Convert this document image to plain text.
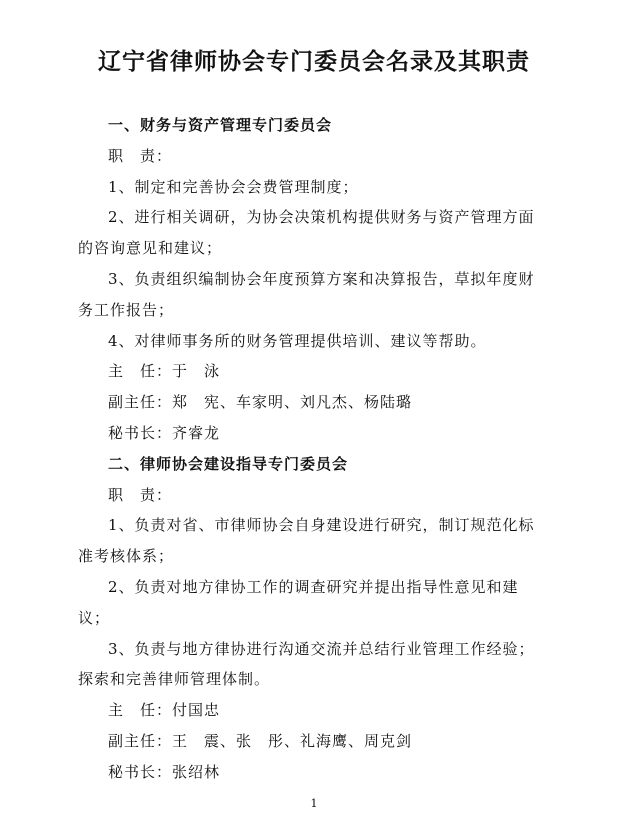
辽宁省律师协会专门委员会名录及其职责
一、财务与资产管理专门委员会
职　责：
1、制定和完善协会会费管理制度；
2、进行相关调研，为协会决策机构提供财务与资产管理方面
的咨询意见和建议；
3、负责组织编制协会年度预算方案和决算报告，草拟年度财
务工作报告；
4、对律师事务所的财务管理提供培训、建议等帮助。
主　任：于　泳
副主任：郑　宪、车家明、刘凡杰、杨陆璐
秘书长：齐睿龙
二、律师协会建设指导专门委员会
职　责：
1、负责对省、市律师协会自身建设进行研究，制订规范化标
准考核体系；
2、负责对地方律协工作的调查研究并提出指导性意见和建
议；
3、负责与地方律协进行沟通交流并总结行业管理工作经验；
探索和完善律师管理体制。
主　任：付国忠
副主任：王　震、张　彤、礼海鹰、周克剑
秘书长：张绍林
1
